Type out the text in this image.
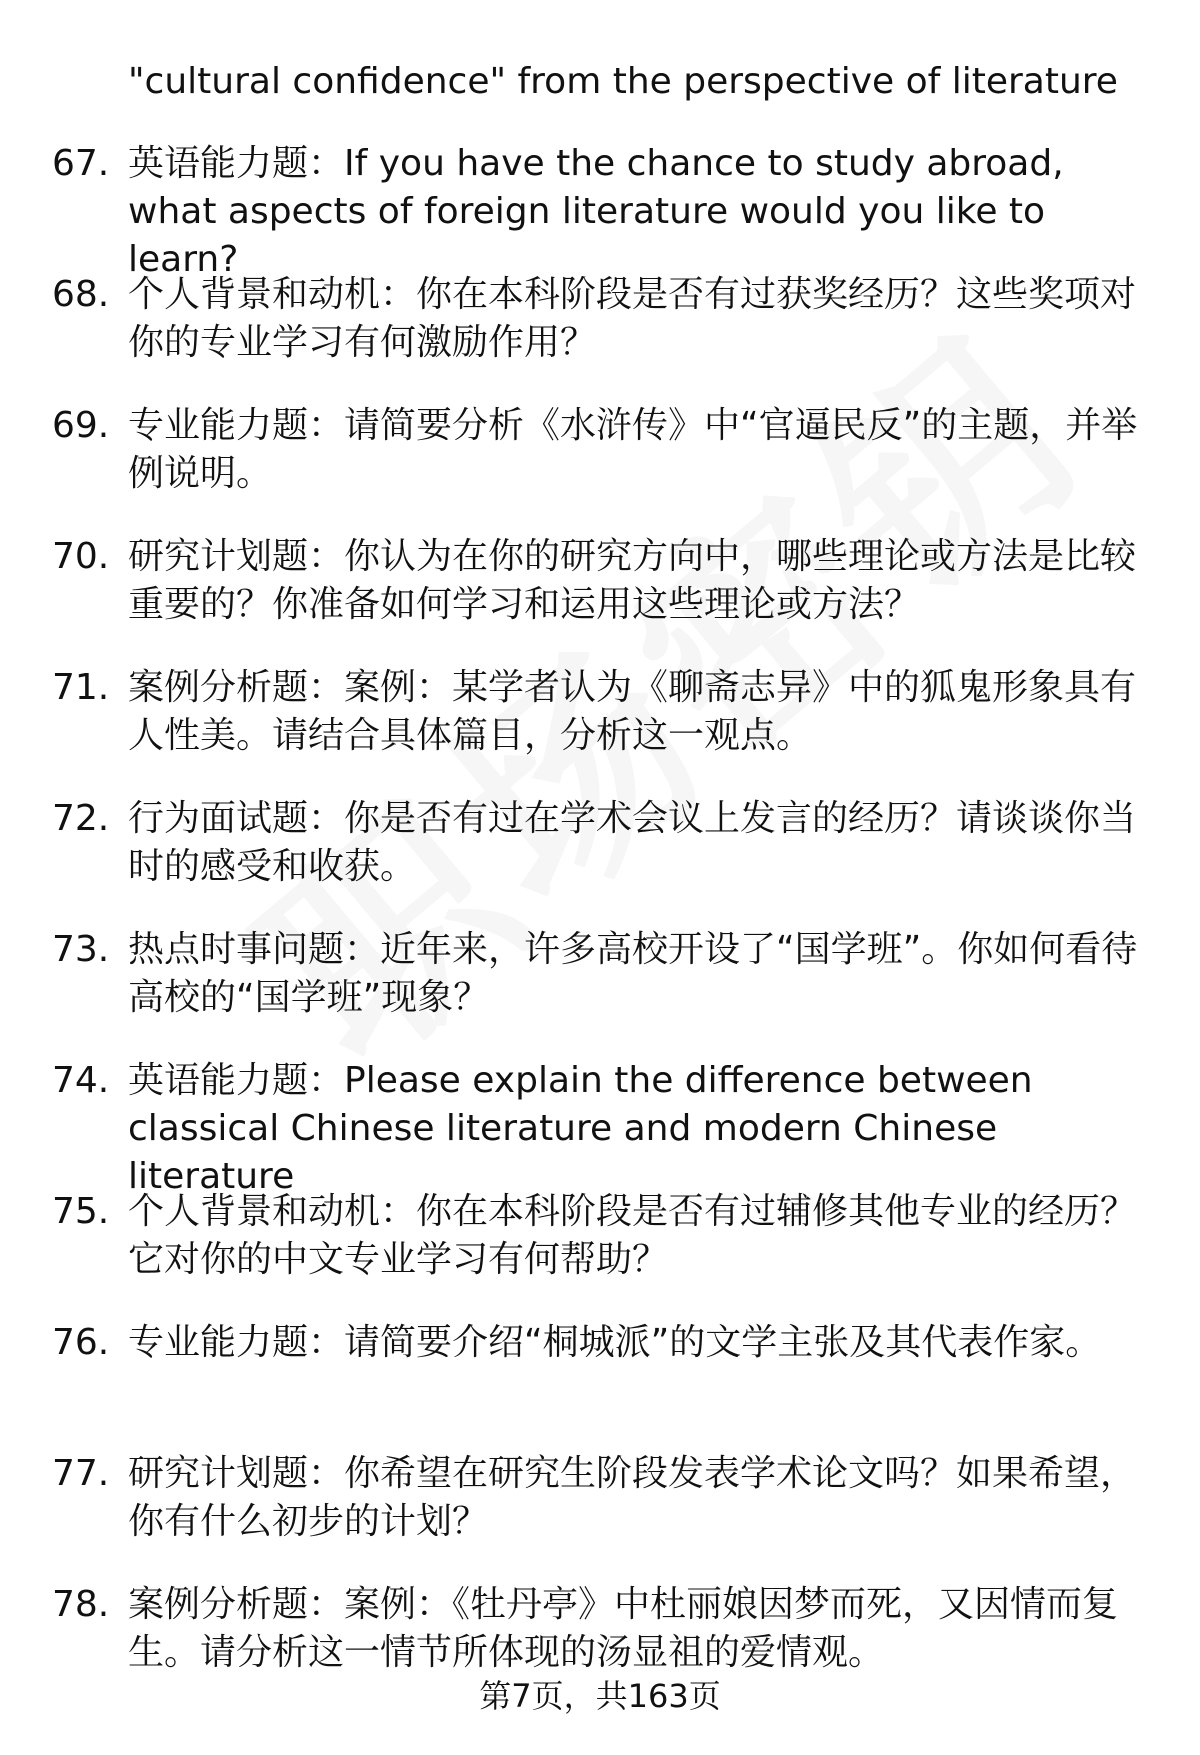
"cultural confidence" from the perspective of literature
67. 英语能力题：If you have the chance to study abroad, what aspects of foreign literature would you like to learn?
68. 个人背景和动机：你在本科阶段是否有过获奖经历？这些奖项对你的专业学习有何激励作用？
69. 专业能力题：请简要分析《水浒传》中“官逼民反”的主题，并举例说明。
70. 研究计划题：你认为在你的研究方向中，哪些理论或方法是比较重要的？你准备如何学习和运用这些理论或方法？
71. 案例分析题：案例：某学者认为《聊斋志异》中的狐鬼形象具有人性美。请结合具体篇目，分析这一观点。
72. 行为面试题：你是否有过在学术会议上发言的经历？请谈谈你当时的感受和收获。
73. 热点时事问题：近年来，许多高校开设了“国学班”。你如何看待高校的“国学班”现象？
74. 英语能力题：Please explain the difference between classical Chinese literature and modern Chinese literature
75. 个人背景和动机：你在本科阶段是否有过辅修其他专业的经历？它对你的中文专业学习有何帮助？
76. 专业能力题：请简要介绍“桐城派”的文学主张及其代表作家。
77. 研究计划题：你希望在研究生阶段发表学术论文吗？如果希望，你有什么初步的计划？
78. 案例分析题：案例：《牡丹亭》中杜丽娘因梦而死，又因情而复生。请分析这一情节所体现的汤显祖的爱情观。
第7页，共163页
